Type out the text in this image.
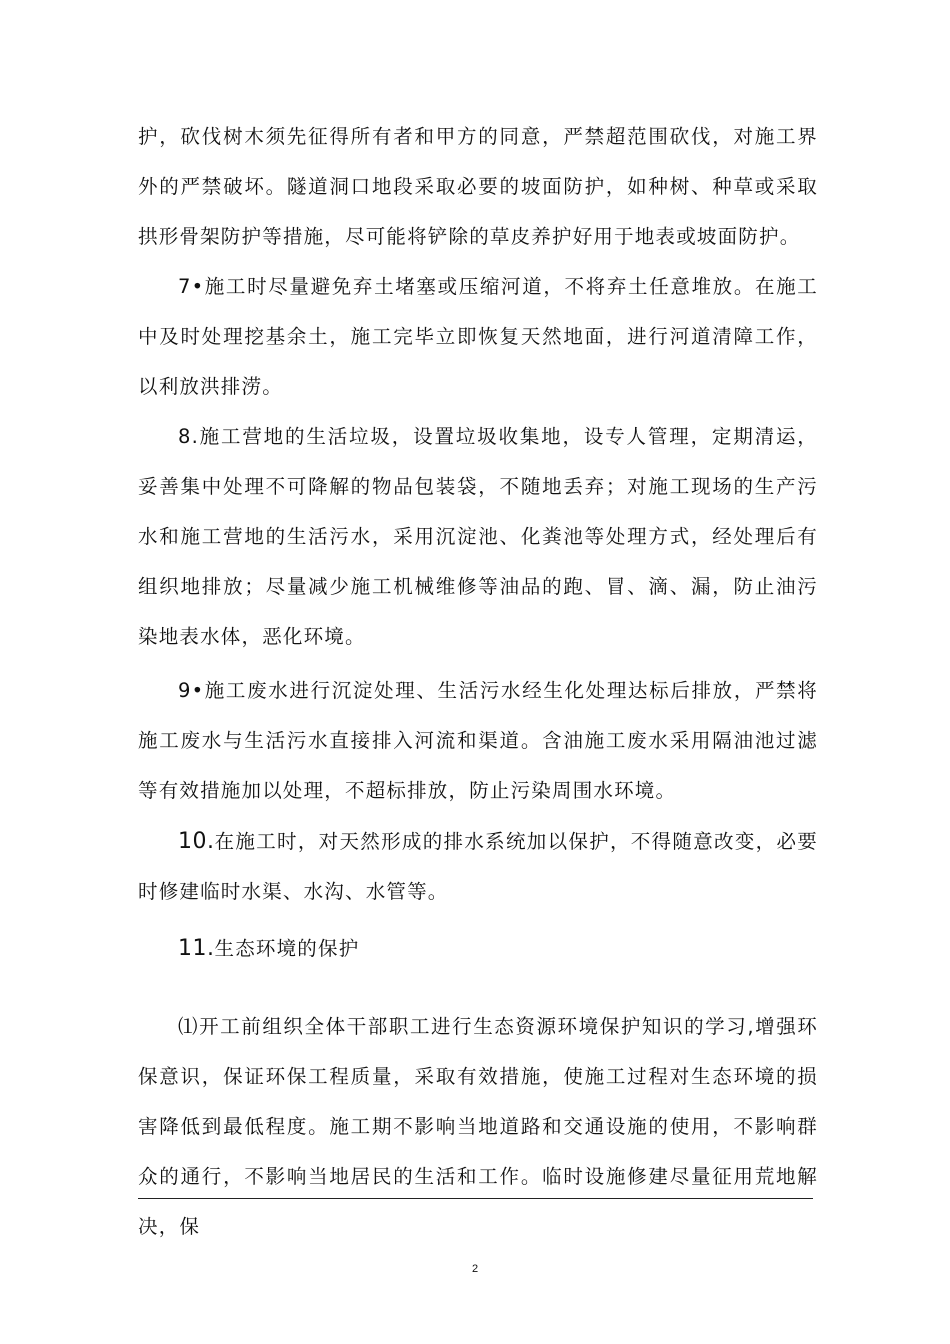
护，砍伐树木须先征得所有者和甲方的同意，严禁超范围砍伐，对施工界外的严禁破坏。隧道洞口地段采取必要的坡面防护，如种树、种草或采取拱形骨架防护等措施，尽可能将铲除的草皮养护好用于地表或坡面防护。

7•施工时尽量避免弃土堵塞或压缩河道，不将弃土任意堆放。在施工中及时处理挖基余土，施工完毕立即恢复天然地面，进行河道清障工作，以利放洪排涝。

8.施工营地的生活垃圾，设置垃圾收集地，设专人管理，定期清运，妥善集中处理不可降解的物品包装袋，不随地丢弃；对施工现场的生产污水和施工营地的生活污水，采用沉淀池、化粪池等处理方式，经处理后有组织地排放；尽量减少施工机械维修等油品的跑、冒、滴、漏，防止油污染地表水体，恶化环境。

9•施工废水进行沉淀处理、生活污水经生化处理达标后排放，严禁将施工废水与生活污水直接排入河流和渠道。含油施工废水采用隔油池过滤等有效措施加以处理，不超标排放，防止污染周围水环境。

10.在施工时，对天然形成的排水系统加以保护，不得随意改变，必要时修建临时水渠、水沟、水管等。

11.生态环境的保护

⑴开工前组织全体干部职工进行生态资源环境保护知识的学习,增强环保意识，保证环保工程质量，采取有效措施，使施工过程对生态环境的损害降低到最低程度。施工期不影响当地道路和交通设施的使用，不影响群众的通行，不影响当地居民的生活和工作。临时设施修建尽量征用荒地解决，保

2
